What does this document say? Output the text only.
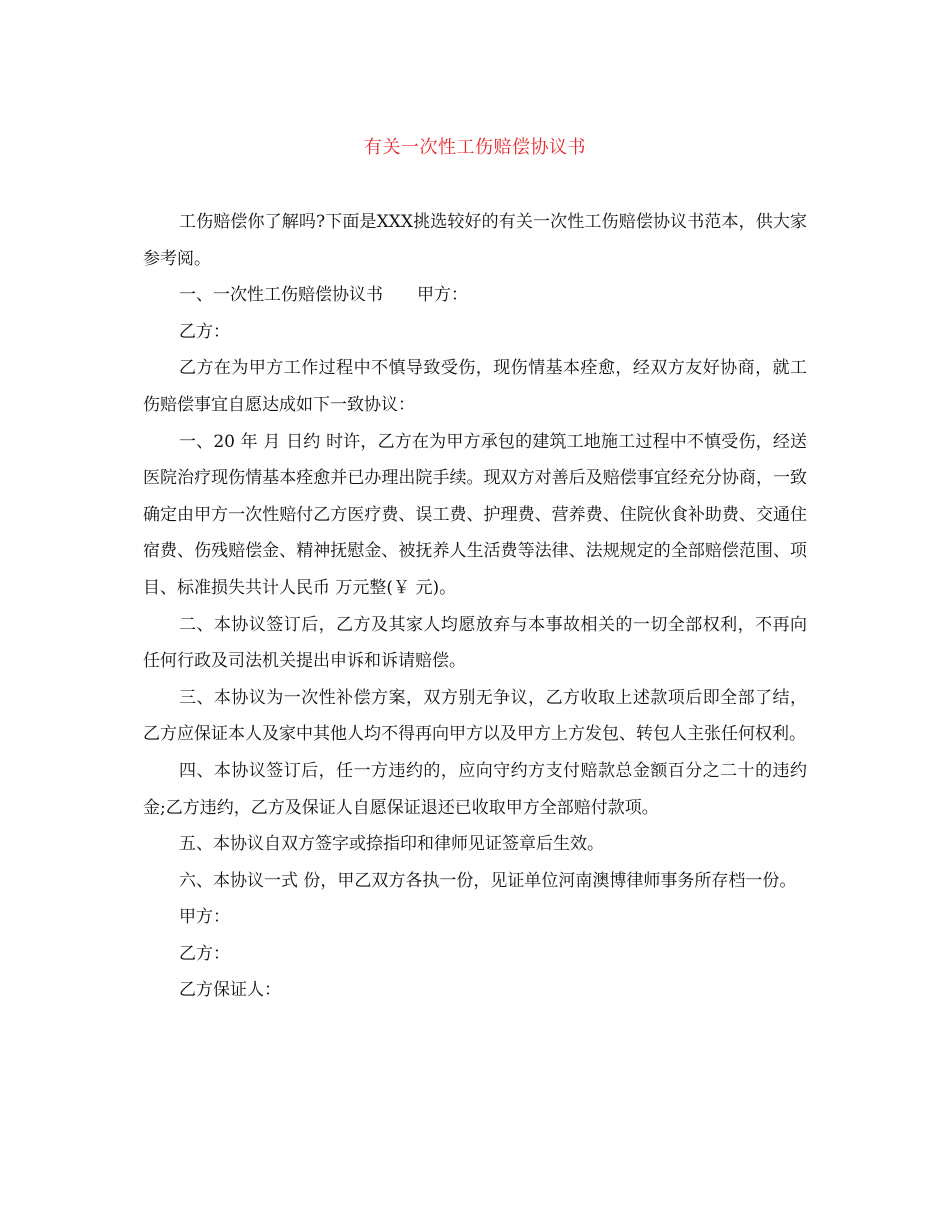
有关一次性工伤赔偿协议书

工伤赔偿你了解吗?下面是XXX挑选较好的有关一次性工伤赔偿协议书范本，供大家参考阅。

一、一次性工伤赔偿协议书　　甲方：

乙方：

乙方在为甲方工作过程中不慎导致受伤，现伤情基本痊愈，经双方友好协商，就工伤赔偿事宜自愿达成如下一致协议：

一、20 年 月 日约 时许，乙方在为甲方承包的建筑工地施工过程中不慎受伤，经送医院治疗现伤情基本痊愈并已办理出院手续。现双方对善后及赔偿事宜经充分协商，一致确定由甲方一次性赔付乙方医疗费、误工费、护理费、营养费、住院伙食补助费、交通住宿费、伤残赔偿金、精神抚慰金、被抚养人生活费等法律、法规规定的全部赔偿范围、项目、标准损失共计人民币 万元整(￥ 元)。

二、本协议签订后，乙方及其家人均愿放弃与本事故相关的一切全部权利，不再向任何行政及司法机关提出申诉和诉请赔偿。

三、本协议为一次性补偿方案，双方别无争议，乙方收取上述款项后即全部了结，乙方应保证本人及家中其他人均不得再向甲方以及甲方上方发包、转包人主张任何权利。

四、本协议签订后，任一方违约的，应向守约方支付赔款总金额百分之二十的违约金;乙方违约，乙方及保证人自愿保证退还已收取甲方全部赔付款项。

五、本协议自双方签字或捺指印和律师见证签章后生效。

六、本协议一式 份，甲乙双方各执一份，见证单位河南澳博律师事务所存档一份。

甲方：

乙方：

乙方保证人：
